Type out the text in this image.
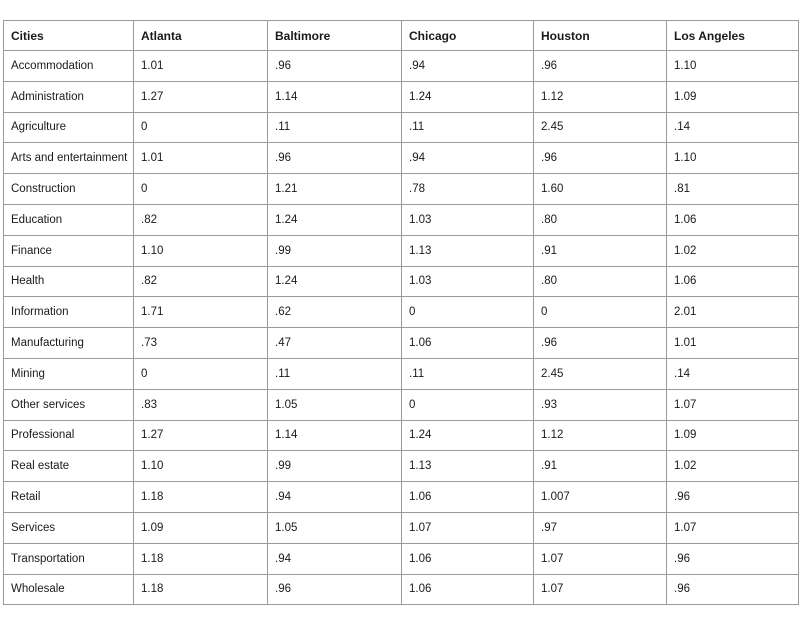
Cities	Atlanta	Baltimore	Chicago	Houston	Los Angeles
Accommodation	1.01	.96	.94	.96	1.10
Administration	1.27	1.14	1.24	1.12	1.09
Agriculture	0	.11	.11	2.45	.14
Arts and entertainment	1.01	.96	.94	.96	1.10
Construction	0	1.21	.78	1.60	.81
Education	.82	1.24	1.03	.80	1.06
Finance	1.10	.99	1.13	.91	1.02
Health	.82	1.24	1.03	.80	1.06
Information	1.71	.62	0	0	2.01
Manufacturing	.73	.47	1.06	.96	1.01
Mining	0	.11	.11	2.45	.14
Other services	.83	1.05	0	.93	1.07
Professional	1.27	1.14	1.24	1.12	1.09
Real estate	1.10	.99	1.13	.91	1.02
Retail	1.18	.94	1.06	1.007	.96
Services	1.09	1.05	1.07	.97	1.07
Transportation	1.18	.94	1.06	1.07	.96
Wholesale	1.18	.96	1.06	1.07	.96
